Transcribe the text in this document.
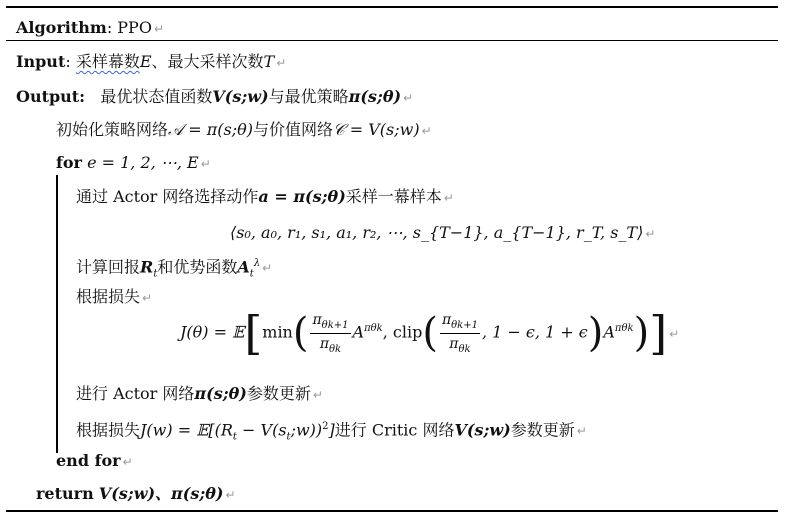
Algorithm: PPO ↵
Input: 采样幕数E、最大采样次数T ↵
Output: 最优状态值函数V(s;w)与最优策略π(s;θ) ↵
初始化策略网络𝒜 = π(s;θ)与价值网络𝒞 = V(s;w) ↵
for e = 1, 2, ⋯, E ↵
通过 Actor 网络选择动作a = π(s;θ)采样一幕样本 ↵
⟨s₀, a₀, r₁, s₁, a₁, r₂, ⋯, s_{T−1}, a_{T−1}, r_T, s_T⟩ ↵
计算回报$R_t$和优势函数$A_t^\lambda$ ↵
根据损失 ↵
J(θ) = 𝔼[min( $\frac{\pi_{\theta k+1}}{\pi_{\theta k}} A^{\pi\theta k}$, clip( $\frac{\pi_{\theta k+1}}{\pi_{\theta k}}$ , 1 − ϵ, $1 + \epsilon)A^{\pi\theta k}$)] ↵
进行 Actor 网络π(s;θ)参数更新 ↵
根据损失$J(w) = 𝔼[(R_t$ − $V(s_t;w))^2$]进行 Critic 网络V(s;w)参数更新 ↵
end for ↵
return V(s;w)、π(s;θ) ↵
